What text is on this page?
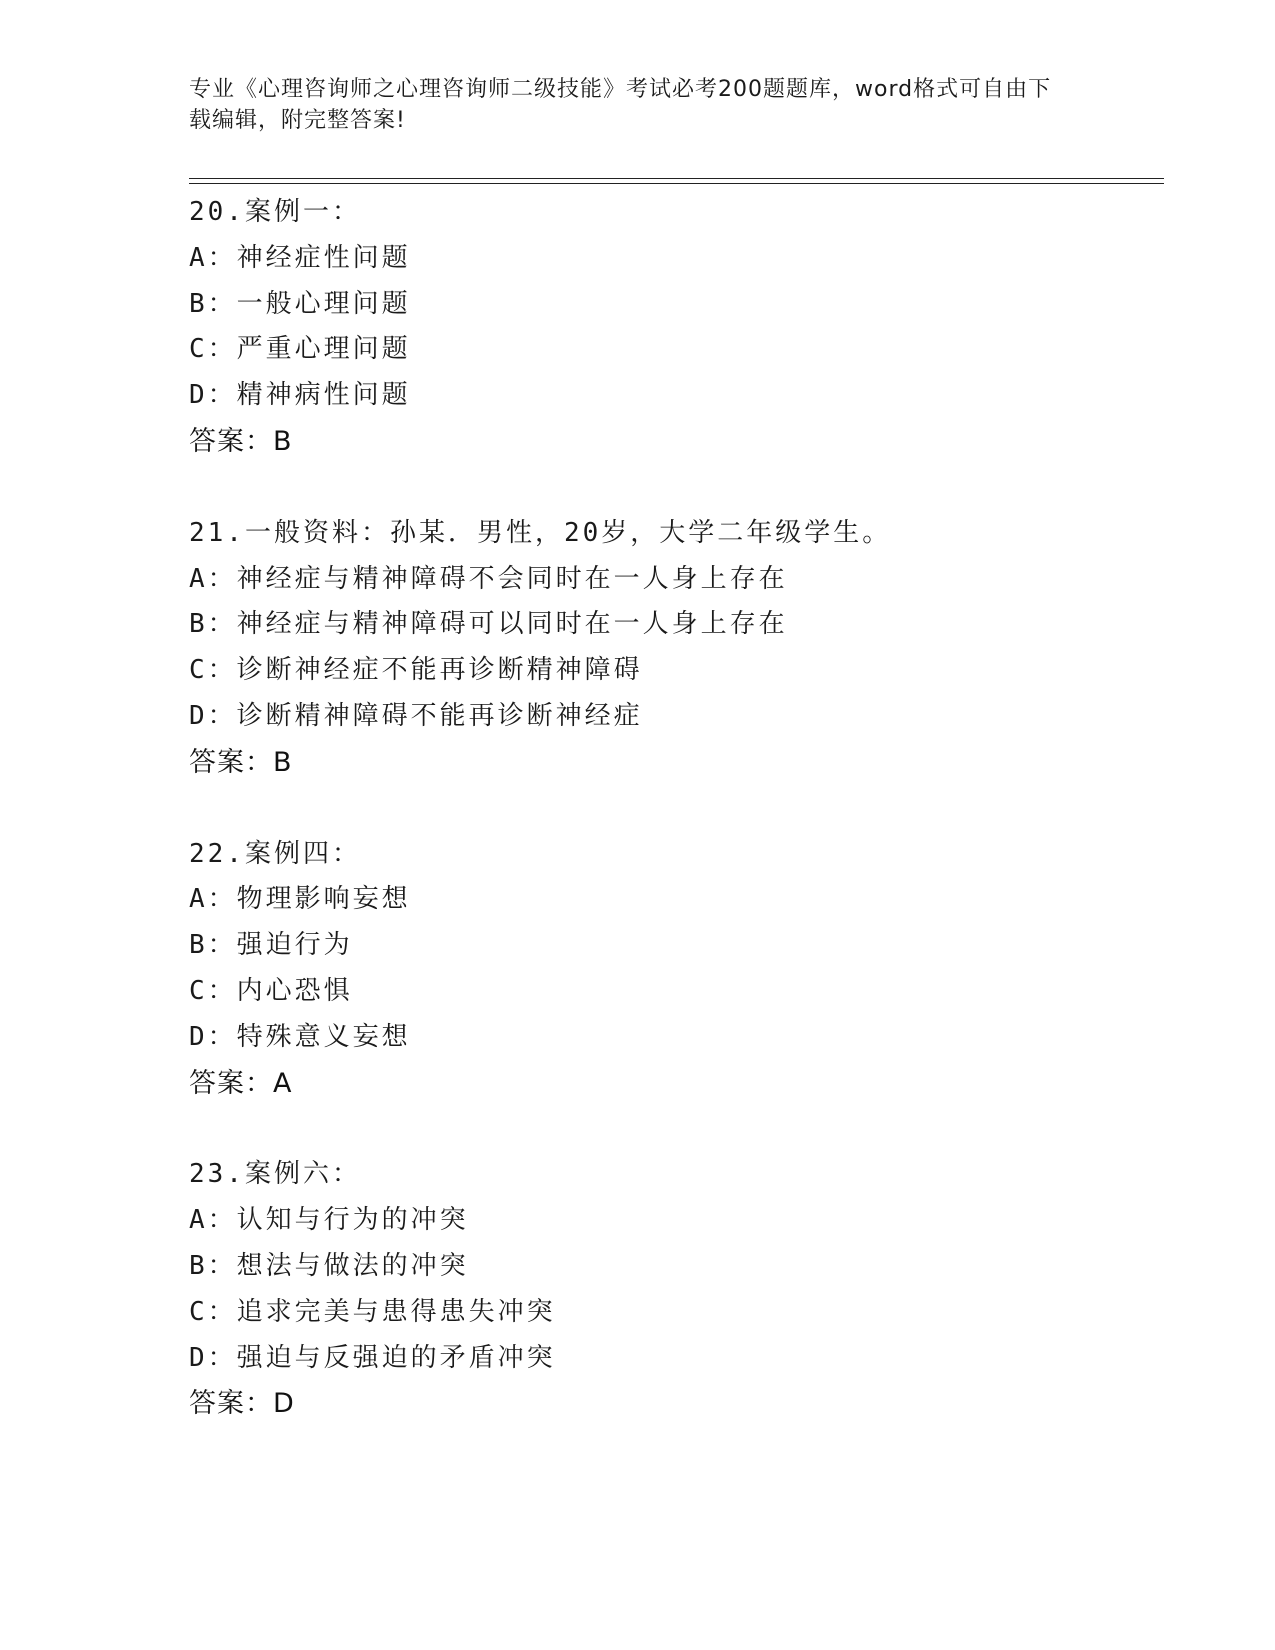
专业《心理咨询师之心理咨询师二级技能》考试必考200题题库，word格式可自由下载编辑，附完整答案!
20.案例一：
A：神经症性问题
B：一般心理问题
C：严重心理问题
D：精神病性问题
答案：B
21.一般资料：孙某．男性，20岁，大学二年级学生。
A：神经症与精神障碍不会同时在一人身上存在
B：神经症与精神障碍可以同时在一人身上存在
C：诊断神经症不能再诊断精神障碍
D：诊断精神障碍不能再诊断神经症
答案：B
22.案例四：
A：物理影响妄想
B：强迫行为
C：内心恐惧
D：特殊意义妄想
答案：A
23.案例六：
A：认知与行为的冲突
B：想法与做法的冲突
C：追求完美与患得患失冲突
D：强迫与反强迫的矛盾冲突
答案：D
